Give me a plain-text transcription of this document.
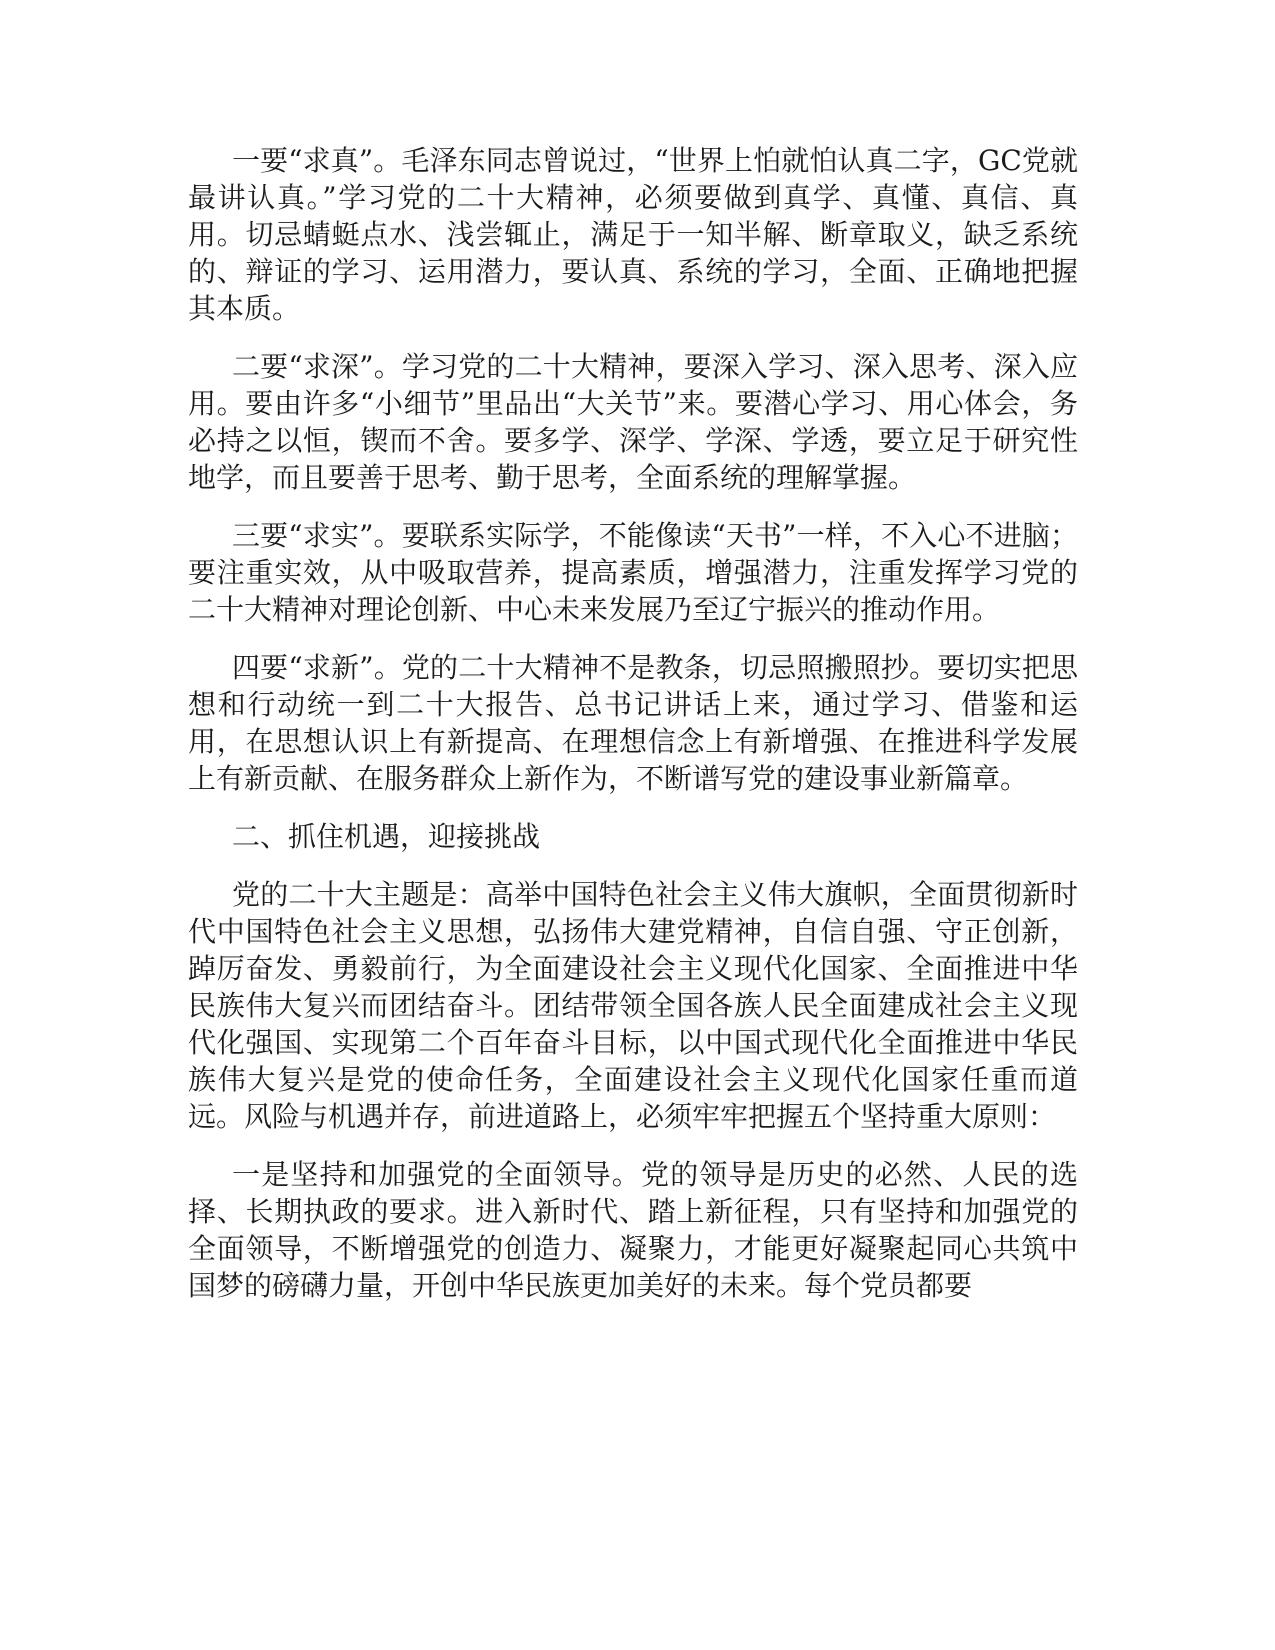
一要“求真”。毛泽东同志曾说过，“世界上怕就怕认真二字，GC党就最讲认真。”学习党的二十大精神，必须要做到真学、真懂、真信、真用。切忌蜻蜓点水、浅尝辄止，满足于一知半解、断章取义，缺乏系统的、辩证的学习、运用潜力，要认真、系统的学习，全面、正确地把握其本质。

二要“求深”。学习党的二十大精神，要深入学习、深入思考、深入应用。要由许多“小细节”里品出“大关节”来。要潜心学习、用心体会，务必持之以恒，锲而不舍。要多学、深学、学深、学透，要立足于研究性地学，而且要善于思考、勤于思考，全面系统的理解掌握。

三要“求实”。要联系实际学，不能像读“天书”一样，不入心不进脑；要注重实效，从中吸取营养，提高素质，增强潜力，注重发挥学习党的二十大精神对理论创新、中心未来发展乃至辽宁振兴的推动作用。

四要“求新”。党的二十大精神不是教条，切忌照搬照抄。要切实把思想和行动统一到二十大报告、总书记讲话上来，通过学习、借鉴和运用，在思想认识上有新提高、在理想信念上有新增强、在推进科学发展上有新贡献、在服务群众上新作为，不断谱写党的建设事业新篇章。

二、抓住机遇，迎接挑战

党的二十大主题是：高举中国特色社会主义伟大旗帜，全面贯彻新时代中国特色社会主义思想，弘扬伟大建党精神，自信自强、守正创新，踔厉奋发、勇毅前行，为全面建设社会主义现代化国家、全面推进中华民族伟大复兴而团结奋斗。团结带领全国各族人民全面建成社会主义现代化强国、实现第二个百年奋斗目标，以中国式现代化全面推进中华民族伟大复兴是党的使命任务，全面建设社会主义现代化国家任重而道远。风险与机遇并存，前进道路上，必须牢牢把握五个坚持重大原则：

一是坚持和加强党的全面领导。党的领导是历史的必然、人民的选择、长期执政的要求。进入新时代、踏上新征程，只有坚持和加强党的全面领导，不断增强党的创造力、凝聚力，才能更好凝聚起同心共筑中国梦的磅礴力量，开创中华民族更加美好的未来。每个党员都要
